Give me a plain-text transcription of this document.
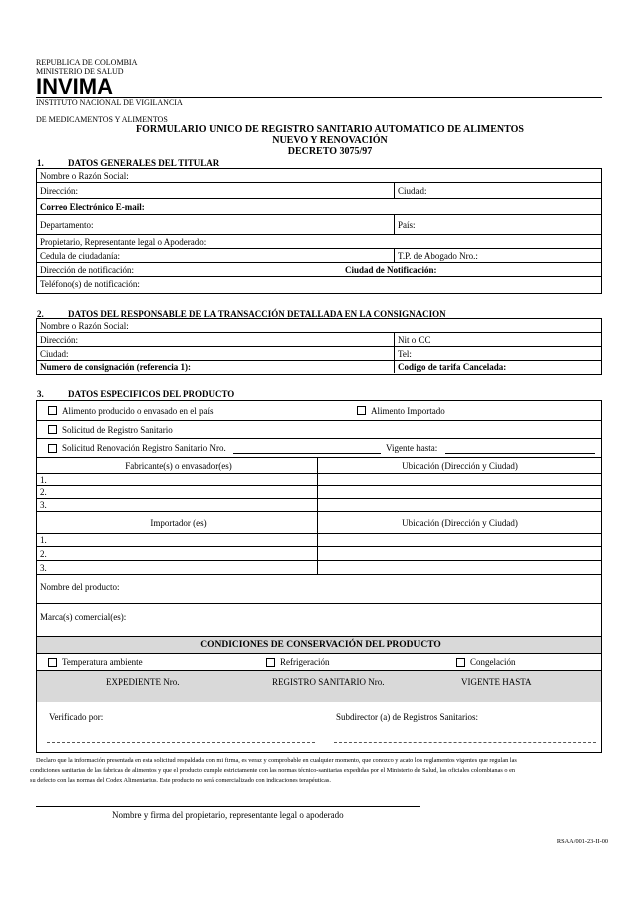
REPUBLICA DE COLOMBIA
MINISTERIO DE SALUD
INVIMA
INSTITUTO NACIONAL DE VIGILANCIA
DE MEDICAMENTOS Y ALIMENTOS
FORMULARIO UNICO DE REGISTRO SANITARIO AUTOMATICO DE ALIMENTOS
NUEVO Y RENOVACIÓN
DECRETO 3075/97
1.	DATOS GENERALES DEL TITULAR
Nombre o Razón Social:
Dirección:	Ciudad:
Correo Electrónico E-mail:
Departamento:	País:
Propietario, Representante legal o Apoderado:
Cedula de ciudadanía:	T.P. de Abogado Nro.:
Dirección de notificación:	Ciudad de Notificación:
Teléfono(s) de notificación:
2.	DATOS DEL RESPONSABLE DE LA TRANSACCIÓN DETALLADA EN LA CONSIGNACION
Nombre o Razón Social:
Dirección:	Nit o CC
Ciudad:	Tel:
Numero de consignación (referencia 1):	Codigo de tarifa Cancelada:
3.	DATOS ESPECIFICOS DEL PRODUCTO
Alimento producido o envasado en el país	Alimento Importado
Solicitud de Registro Sanitario
Solicitud Renovación Registro Sanitario Nro.	Vigente hasta:
Fabricante(s) o envasador(es)	Ubicación (Dirección y Ciudad)
1.
2.
3.
Importador (es)	Ubicación (Dirección y Ciudad)
1.
2.
3.
Nombre del producto:
Marca(s) comercial(es):
CONDICIONES DE CONSERVACIÓN DEL PRODUCTO
Temperatura ambiente	Refrigeración	Congelación
EXPEDIENTE Nro.	REGISTRO SANITARIO Nro.	VIGENTE HASTA
Verificado por:	Subdirector (a) de Registros Sanitarios:
Declaro que la información presentada en esta solicitud respaldada con mi firma, es veraz y comprobable en cualquier momento, que conozco y acato los reglamentos vigentes que regulan las
condiciones sanitarias de las fabricas de alimentos y que el producto cumple estrictamente con las normas técnico-sanitarias expedidas por el Ministerio de Salud, las oficiales colombianas o en
su defecto con las normas del Codex Alimentarius. Este producto no será comercializado con indicaciones terapéuticas.
Nombre y firma del propietario, representante legal o apoderado
RSAA/001-23-II-00
